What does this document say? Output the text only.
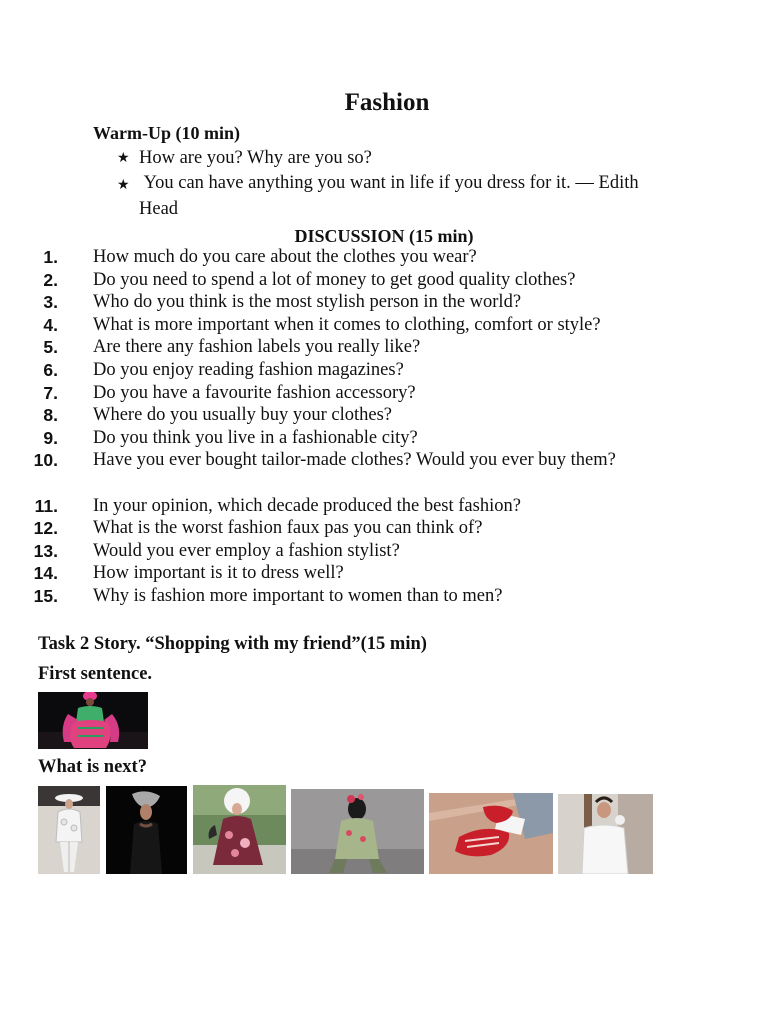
Fashion
Warm-Up (10 min)
★ How are you? Why are you so?
★ You can have anything you want in life if you dress for it. — Edith Head
DISCUSSION (15 min)
1. How much do you care about the clothes you wear?
2. Do you need to spend a lot of money to get good quality clothes?
3. Who do you think is the most stylish person in the world?
4. What is more important when it comes to clothing, comfort or style?
5. Are there any fashion labels you really like?
6. Do you enjoy reading fashion magazines?
7. Do you have a favourite fashion accessory?
8. Where do you usually buy your clothes?
9. Do you think you live in a fashionable city?
10.	Have you ever bought tailor-made clothes? Would you ever buy them?
11. In your opinion, which decade produced the best fashion?
12. What is the worst fashion faux pas you can think of?
13. Would you ever employ a fashion stylist?
14. How important is it to dress well?
15. Why is fashion more important to women than to men?
Task 2 Story. “Shopping with my friend”(15 min)
First sentence.
What is next?
